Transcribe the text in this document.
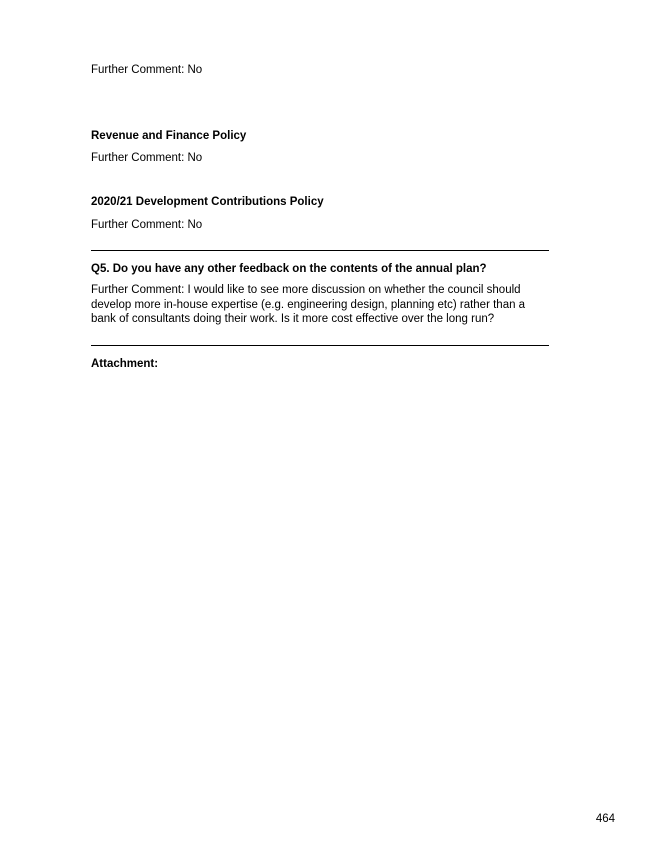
Further Comment: No
Revenue and Finance Policy
Further Comment: No
2020/21 Development Contributions Policy
Further Comment: No
Q5. Do you have any other feedback on the contents of the annual plan?
Further Comment: I would like to see more discussion on whether the council should develop more in-house expertise (e.g. engineering design, planning etc) rather than a bank of consultants doing their work. Is it more cost effective over the long run?
Attachment:
464
